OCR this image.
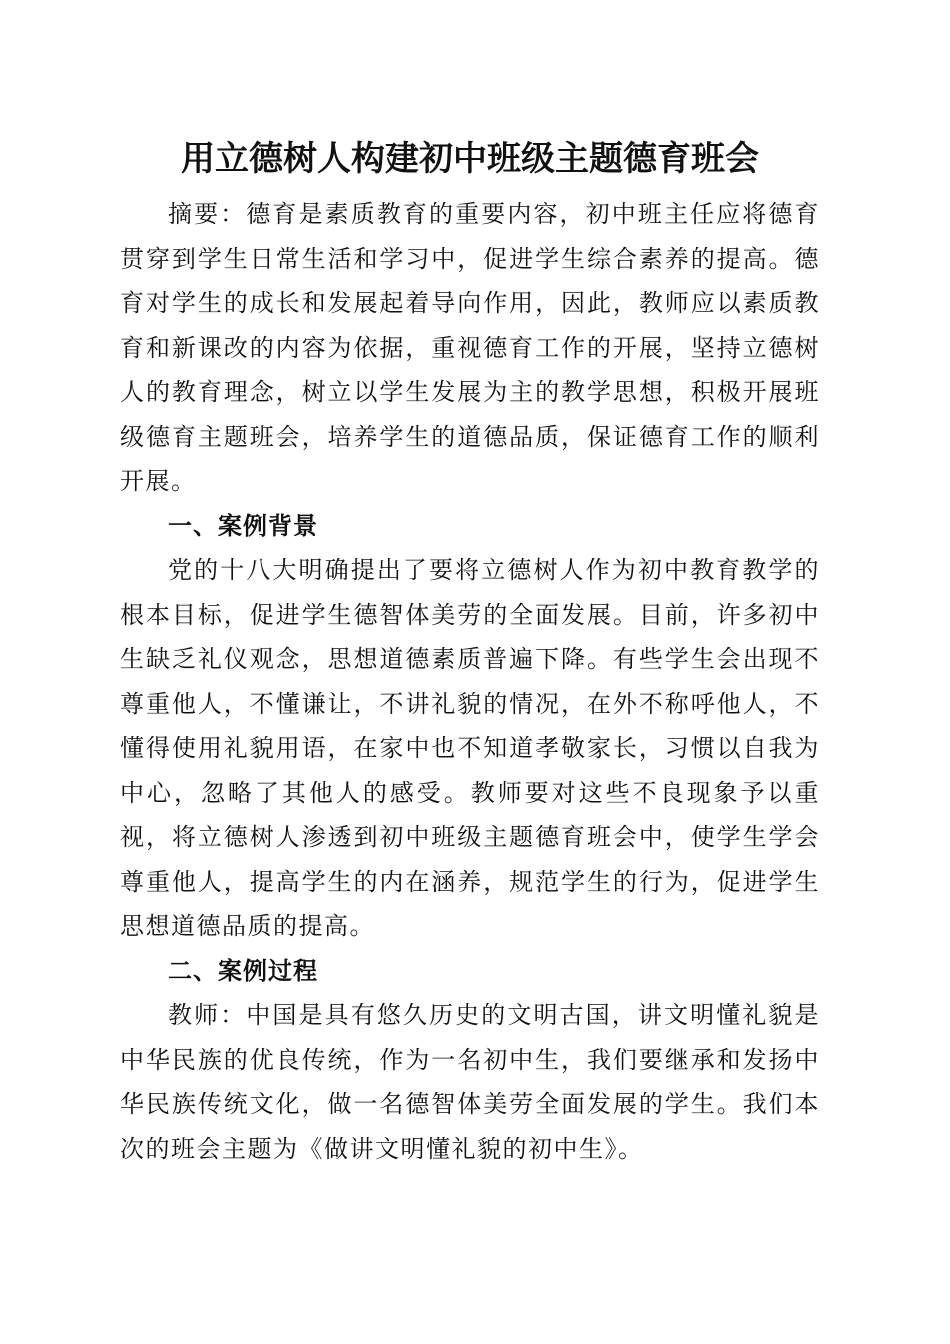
用立德树人构建初中班级主题德育班会

摘要：德育是素质教育的重要内容，初中班主任应将德育贯穿到学生日常生活和学习中，促进学生综合素养的提高。德育对学生的成长和发展起着导向作用，因此，教师应以素质教育和新课改的内容为依据，重视德育工作的开展，坚持立德树人的教育理念，树立以学生发展为主的教学思想，积极开展班级德育主题班会，培养学生的道德品质，保证德育工作的顺利开展。

一、案例背景

党的十八大明确提出了要将立德树人作为初中教育教学的根本目标，促进学生德智体美劳的全面发展。目前，许多初中生缺乏礼仪观念，思想道德素质普遍下降。有些学生会出现不尊重他人，不懂谦让，不讲礼貌的情况，在外不称呼他人，不懂得使用礼貌用语，在家中也不知道孝敬家长，习惯以自我为中心，忽略了其他人的感受。教师要对这些不良现象予以重视，将立德树人渗透到初中班级主题德育班会中，使学生学会尊重他人，提高学生的内在涵养，规范学生的行为，促进学生思想道德品质的提高。

二、案例过程

教师：中国是具有悠久历史的文明古国，讲文明懂礼貌是中华民族的优良传统，作为一名初中生，我们要继承和发扬中华民族传统文化，做一名德智体美劳全面发展的学生。我们本次的班会主题为《做讲文明懂礼貌的初中生》。
